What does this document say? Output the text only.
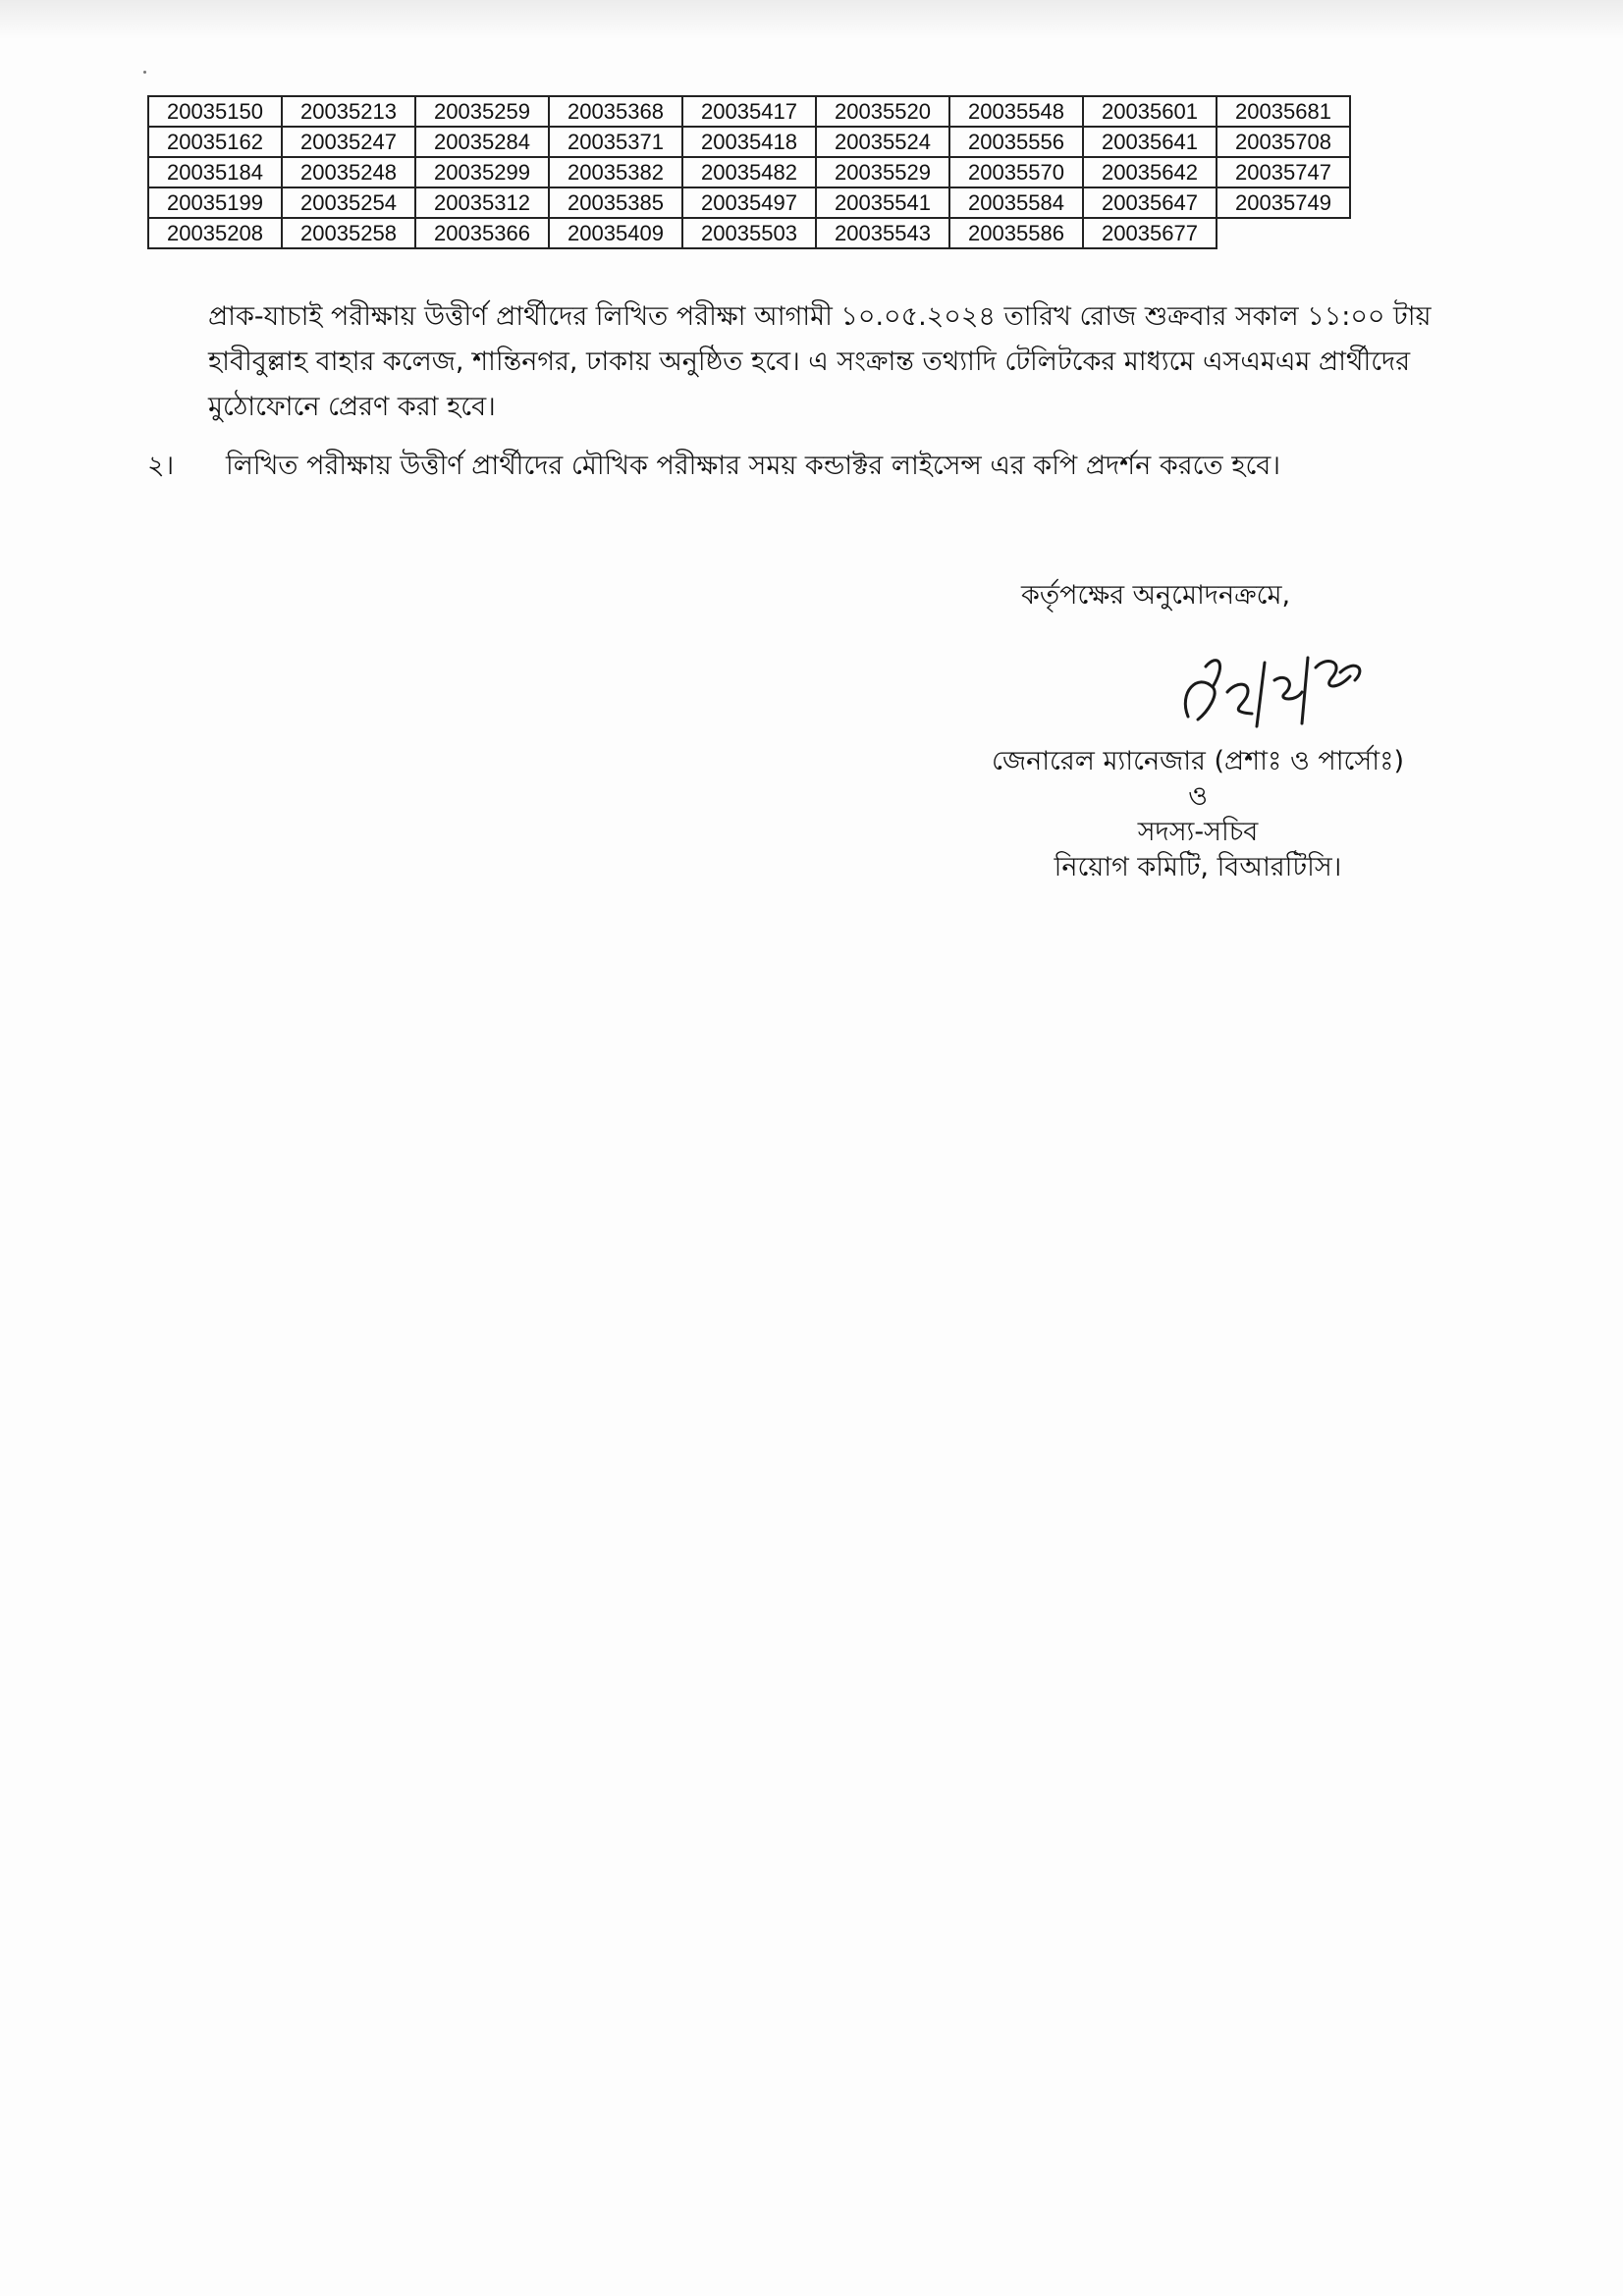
20035150	20035213	20035259	20035368	20035417	20035520	20035548	20035601	20035681
20035162	20035247	20035284	20035371	20035418	20035524	20035556	20035641	20035708
20035184	20035248	20035299	20035382	20035482	20035529	20035570	20035642	20035747
20035199	20035254	20035312	20035385	20035497	20035541	20035584	20035647	20035749
20035208	20035258	20035366	20035409	20035503	20035543	20035586	20035677	

প্রাক-যাচাই পরীক্ষায় উত্তীর্ণ প্রার্থীদের লিখিত পরীক্ষা আগামী ১০.০৫.২০২৪ তারিখ রোজ শুক্রবার সকাল ১১:০০ টায় হাবীবুল্লাহ বাহার কলেজ, শান্তিনগর, ঢাকায় অনুষ্ঠিত হবে। এ সংক্রান্ত তথ্যাদি টেলিটকের মাধ্যমে এসএমএম প্রার্থীদের মুঠোফোনে প্রেরণ করা হবে।

২। লিখিত পরীক্ষায় উত্তীর্ণ প্রার্থীদের মৌখিক পরীক্ষার সময় কন্ডাক্টর লাইসেন্স এর কপি প্রদর্শন করতে হবে।
কর্তৃপক্ষের অনুমোদনক্রমে,
জেনারেল ম্যানেজার (প্রশাঃ ও পার্সোঃ)
ও
সদস্য-সচিব
নিয়োগ কমিটি, বিআরটিসি।
